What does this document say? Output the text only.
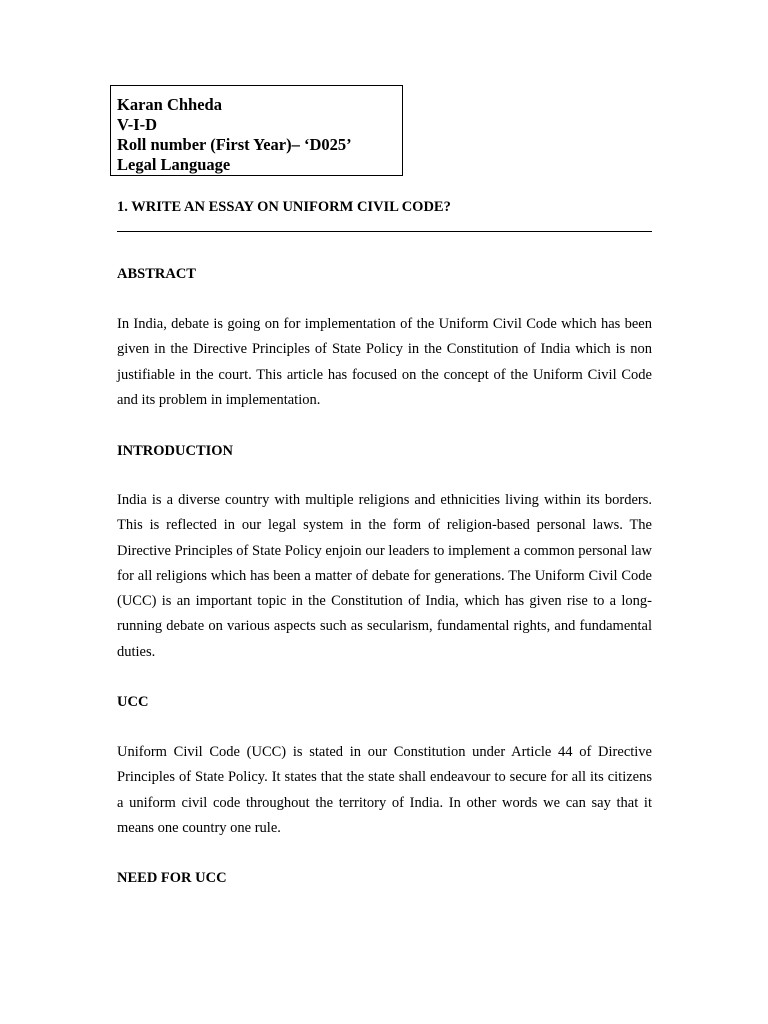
Karan Chheda
V-I-D
Roll number (First Year)– ‘D025’
Legal Language
1. WRITE AN ESSAY ON UNIFORM CIVIL CODE?
ABSTRACT
In India, debate is going on for implementation of the Uniform Civil Code which has been given in the Directive Principles of State Policy in the Constitution of India which is non justifiable in the court. This article has focused on the concept of the Uniform Civil Code and its problem in implementation.
INTRODUCTION
India is a diverse country with multiple religions and ethnicities living within its borders. This is reflected in our legal system in the form of religion-based personal laws. The Directive Principles of State Policy enjoin our leaders to implement a common personal law for all religions which has been a matter of debate for generations. The Uniform Civil Code (UCC) is an important topic in the Constitution of India, which has given rise to a long-running debate on various aspects such as secularism, fundamental rights, and fundamental duties.
UCC
Uniform Civil Code (UCC) is stated in our Constitution under Article 44 of Directive Principles of State Policy. It states that the state shall endeavour to secure for all its citizens a uniform civil code throughout the territory of India. In other words we can say that it means one country one rule.
NEED FOR UCC
